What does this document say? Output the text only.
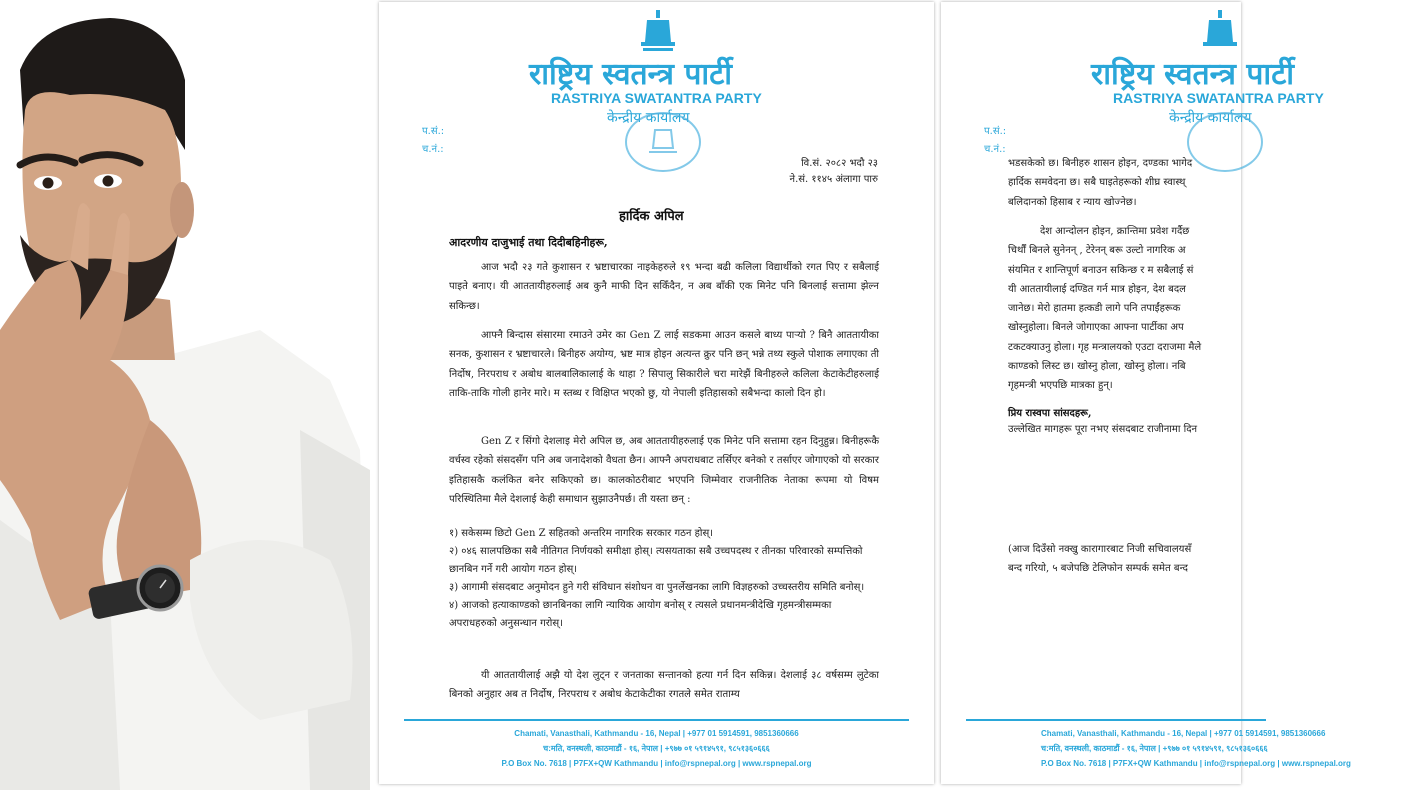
राष्ट्रिय स्वतन्त्र पार्टी
RASTRIYA SWATANTRA PARTY
केन्द्रीय कार्यालय
प.सं.:
च.नं.:
वि.सं. २०८२ भदौ २३
ने.सं. ११४५ अंलागा पारु
हार्दिक अपिल
आदरणीय दाजुभाई तथा दिदीबहिनीहरू,
आज भदौ २३ गते कुशासन र भ्रष्टाचारका नाइकेहरुले १९ भन्दा बढी कलिला विद्यार्थीको रगत पिए र सबैलाई पाइते बनाए। यी आततायीहरुलाई अब कुनै माफी दिन सकिँदैन, न अब बाँकी एक मिनेट पनि बिनलाई सत्तामा झेल्न सकिन्छ।
आफ्नै बिन्दास संसारमा रमाउने उमेर का Gen Z लाई सडकमा आउन कसले बाध्य पार्‍यो ? बिनै आततायीका सनक, कुशासन र भ्रष्टाचारले। बिनीहरु अयोग्य, भ्रष्ट मात्र होइन अत्यन्त क्रुर पनि छन् भन्ने तथ्य स्कुले पोशाक लगाएका ती निर्दोष, निरपराध र अबोध बालबालिकालाई के थाहा ? सिपालु सिकारीले चरा मारेझैं बिनीहरुले कलिला केटाकेटीहरुलाई ताकि-ताकि गोली हानेर मारे। म स्तब्ध र विक्षिप्त भएको छु, यो नेपाली इतिहासको सबैभन्दा कालो दिन हो।
Gen Z र सिंगो देशलाइ मेरो अपिल छ, अब आततायीहरुलाई एक मिनेट पनि सत्तामा रहन दिनुहुन्न। बिनीहरूकै वर्चस्व रहेको संसदसँग पनि अब जनादेशको वैधता छैन। आफ्नै अपराधबाट तर्सिएर बनेको र तर्साएर जोगाएको यो सरकार इतिहासकै कलंकित बनेर सकिएको छ। कालकोठरीबाट भएपनि जिम्मेवार राजनीतिक नेताका रूपमा यो विषम परिस्थितिमा मैले देशलाई केही समाधान सुझाउनैपर्छ। ती यस्ता छन् :
१) सकेसम्म छिटो Gen Z सहितको अन्तरिम नागरिक सरकार गठन होस्।
२) ०४६ सालपछिका सबै नीतिगत निर्णयको समीक्षा होस्। त्यसयताका सबै उच्चपदस्थ र तीनका परिवारको सम्पत्तिको छानबिन गर्ने गरी आयोग गठन होस्।
३) आगामी संसदबाट अनुमोदन हुने गरी संविधान संशोधन वा पुनर्लेखनका लागि विज्ञहरुको उच्चस्तरीय समिति बनोस्।
४) आजको हत्याकाण्डको छानबिनका लागि न्यायिक आयोग बनोस् र त्यसले प्रधानमन्त्रीदेखि गृहमन्त्रीसम्मका अपराधहरुको अनुसन्धान गरोस्।
यी आततायीलाई अझै यो देश लुट्न र जनताका सन्तानको हत्या गर्न दिन सकिन्न। देशलाई ३८ वर्षसम्म लुटेका बिनको अनुहार अब त निर्दोष, निरपराध र अबोध केटाकेटीका रगतले समेत राताम्य
Chamati, Vanasthali, Kathmandu - 16, Nepal | +977 01 5914591, 9851360666
च:मति, वनस्थली, काठमाडौं - १६, नेपाल | +९७७ ०१ ५९१४५९१, ९८५१३६०६६६
P.O Box No. 7618 | P7FX+QW Kathmandu | info@rspnepal.org | www.rspnepal.org
राष्ट्रिय स्वतन्त्र पार्टी
RASTRIYA SWATANTRA PARTY
केन्द्रीय कार्यालय
प.सं.:
च.नं.:
भडसकेको छ। बिनीहरु शासन होइन, दण्डका भागेद
हार्दिक समवेदना छ। सबै घाइतेहरूको शीघ्र स्वास्थ्
बलिदानको हिसाब र न्याय खोज्नेछ।
देश आन्दोलन होइन, क्रान्तिमा प्रवेश गर्दैछ
चिर्थौं बिनले सुनेनन् , टेरेनन् बरू उल्टो नागरिक अ
संयमित र शान्तिपूर्ण बनाउन सकिन्छ र म सबैलाई सं
यी आततायीलाई दण्डित गर्न मात्र होइन, देश बदल
जानेछ। मेरो हातमा हत्कडी लागे पनि तपाईंहरूक
खोस्नुहोला। बिनले जोगाएका आफ्ना पार्टीका अप
टकटक्याउनु होला। गृह मन्त्रालयको एउटा दराजमा मैले
काण्डको लिस्ट छ। खोस्नु होला, खोस्नु होला। नबि
गृहमन्त्री भएपछि मात्रका हुन्।
प्रिय रास्वपा सांसदहरू,
उल्लेखित मागहरू पूरा नभए संसदबाट राजीनामा दिन
(आज दिउँसो नक्खु कारागारबाट निजी सचिवालयसँ
बन्द गरियो, ५ बजेपछि टेलिफोन सम्पर्क समेत बन्द
Chamati, Vanasthali, Kathmandu - 16, Nepal | +977 01 5914591, 9851360666
च:मति, वनस्थली, काठमाडौं - १६, नेपाल | +९७७ ०१ ५९१४५९१, ९८५१३६०६६६
P.O Box No. 7618 | P7FX+QW Kathmandu | info@rspnepal.org | www.rspnepal.org
